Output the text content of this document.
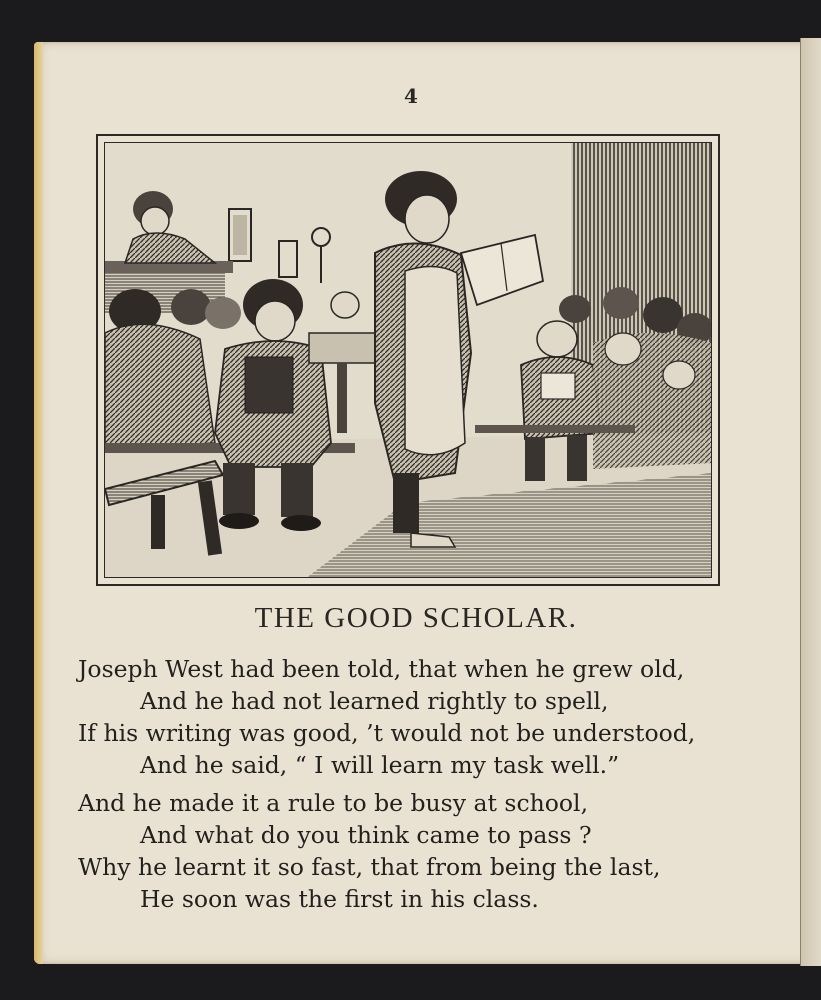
4
THE GOOD SCHOLAR.
Joseph West had been told, that when he grew old,
And he had not learned rightly to spell,
If his writing was good, ’t would not be understood,
And he said, “ I will learn my task well.”
And he made it a rule to be busy at school,
And what do you think came to pass ?
Why he learnt it so fast, that from being the last,
He soon was the first in his class.
